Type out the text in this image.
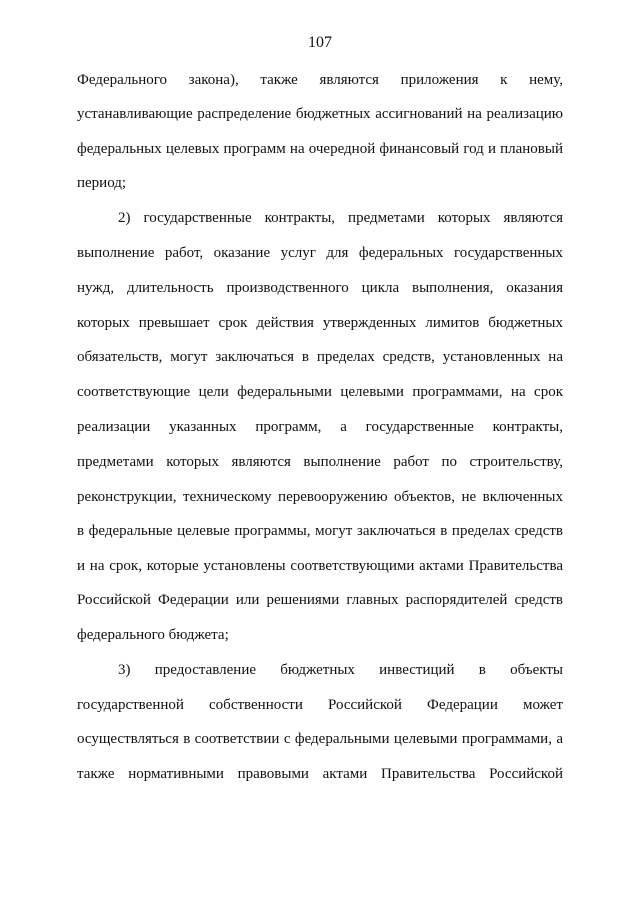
107
Федерального закона), также являются приложения к нему,
устанавливающие распределение бюджетных ассигнований на реализацию
федеральных целевых программ на очередной финансовый год и плановый
период;
2) государственные контракты, предметами которых являются
выполнение работ, оказание услуг для федеральных государственных
нужд, длительность производственного цикла выполнения, оказания
которых превышает срок действия утвержденных лимитов бюджетных
обязательств, могут заключаться в пределах средств, установленных на
соответствующие цели федеральными целевыми программами, на срок
реализации указанных программ, а государственные контракты,
предметами которых являются выполнение работ по строительству,
реконструкции, техническому перевооружению объектов, не включенных
в федеральные целевые программы, могут заключаться в пределах средств
и на срок, которые установлены соответствующими актами Правительства
Российской Федерации или решениями главных распорядителей средств
федерального бюджета;
3) предоставление бюджетных инвестиций в объекты
государственной собственности Российской Федерации может
осуществляться в соответствии с федеральными целевыми программами, а
также нормативными правовыми актами Правительства Российской
